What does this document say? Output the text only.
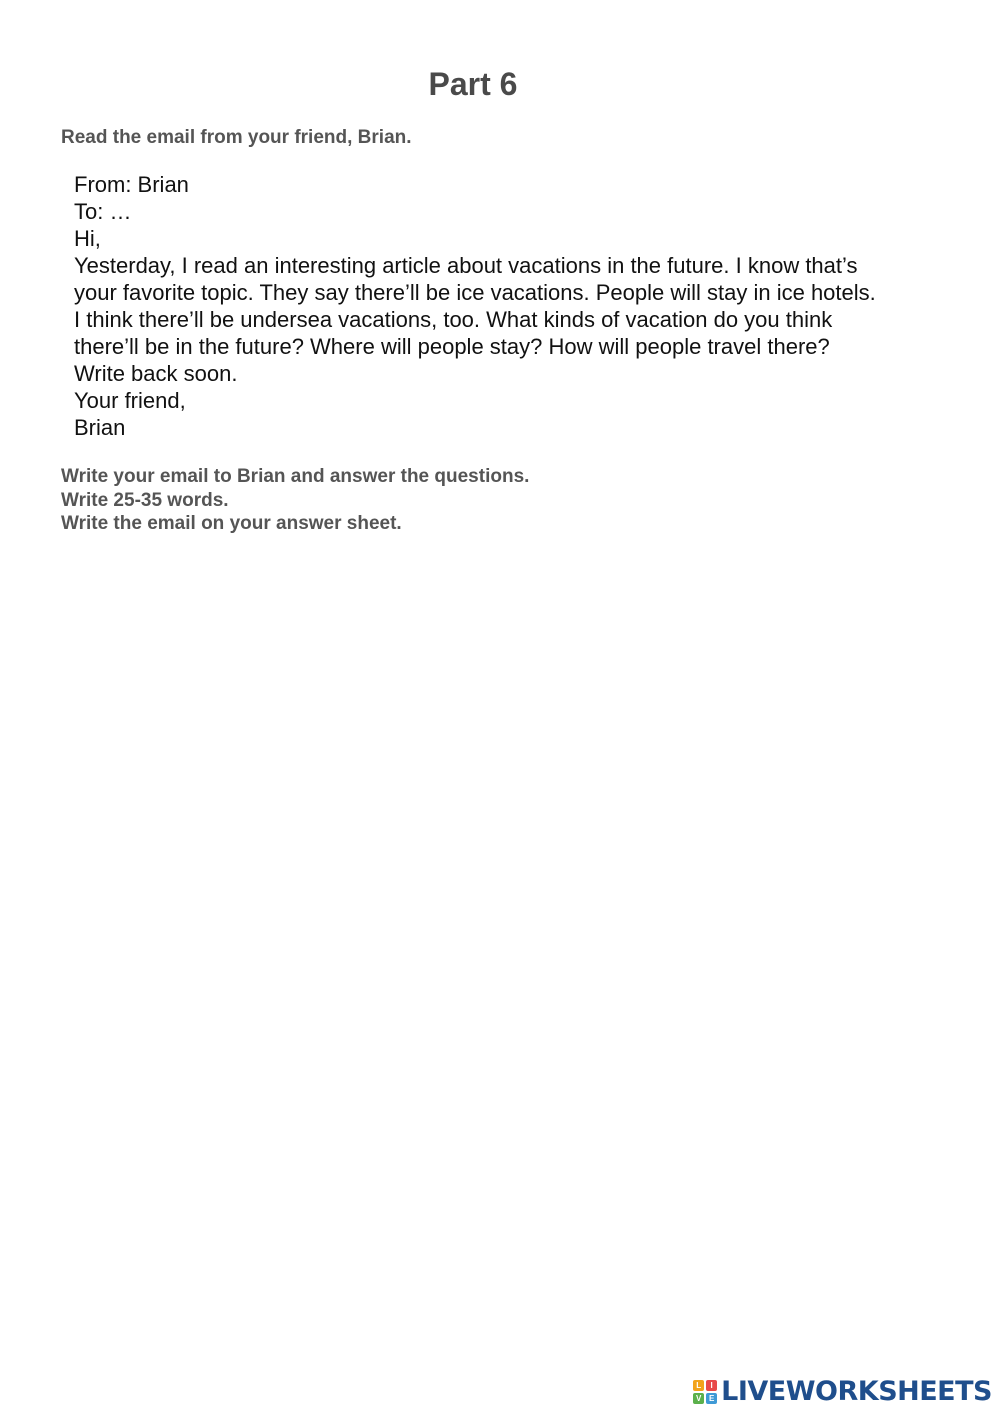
Part 6

Read the email from your friend, Brian.

From: Brian

To: …

Hi,

Yesterday, I read an interesting article about vacations in the future. I know that’s

your favorite topic. They say there’ll be ice vacations. People will stay in ice hotels.

I think there’ll be undersea vacations, too. What kinds of vacation do you think

there’ll be in the future? Where will people stay? How will people travel there?

Write back soon.

Your friend,

Brian

Write your email to Brian and answer the questions.

Write 25-35 words.

Write the email on your answer sheet.

L	I
V E LIVEWORKSHEETS
